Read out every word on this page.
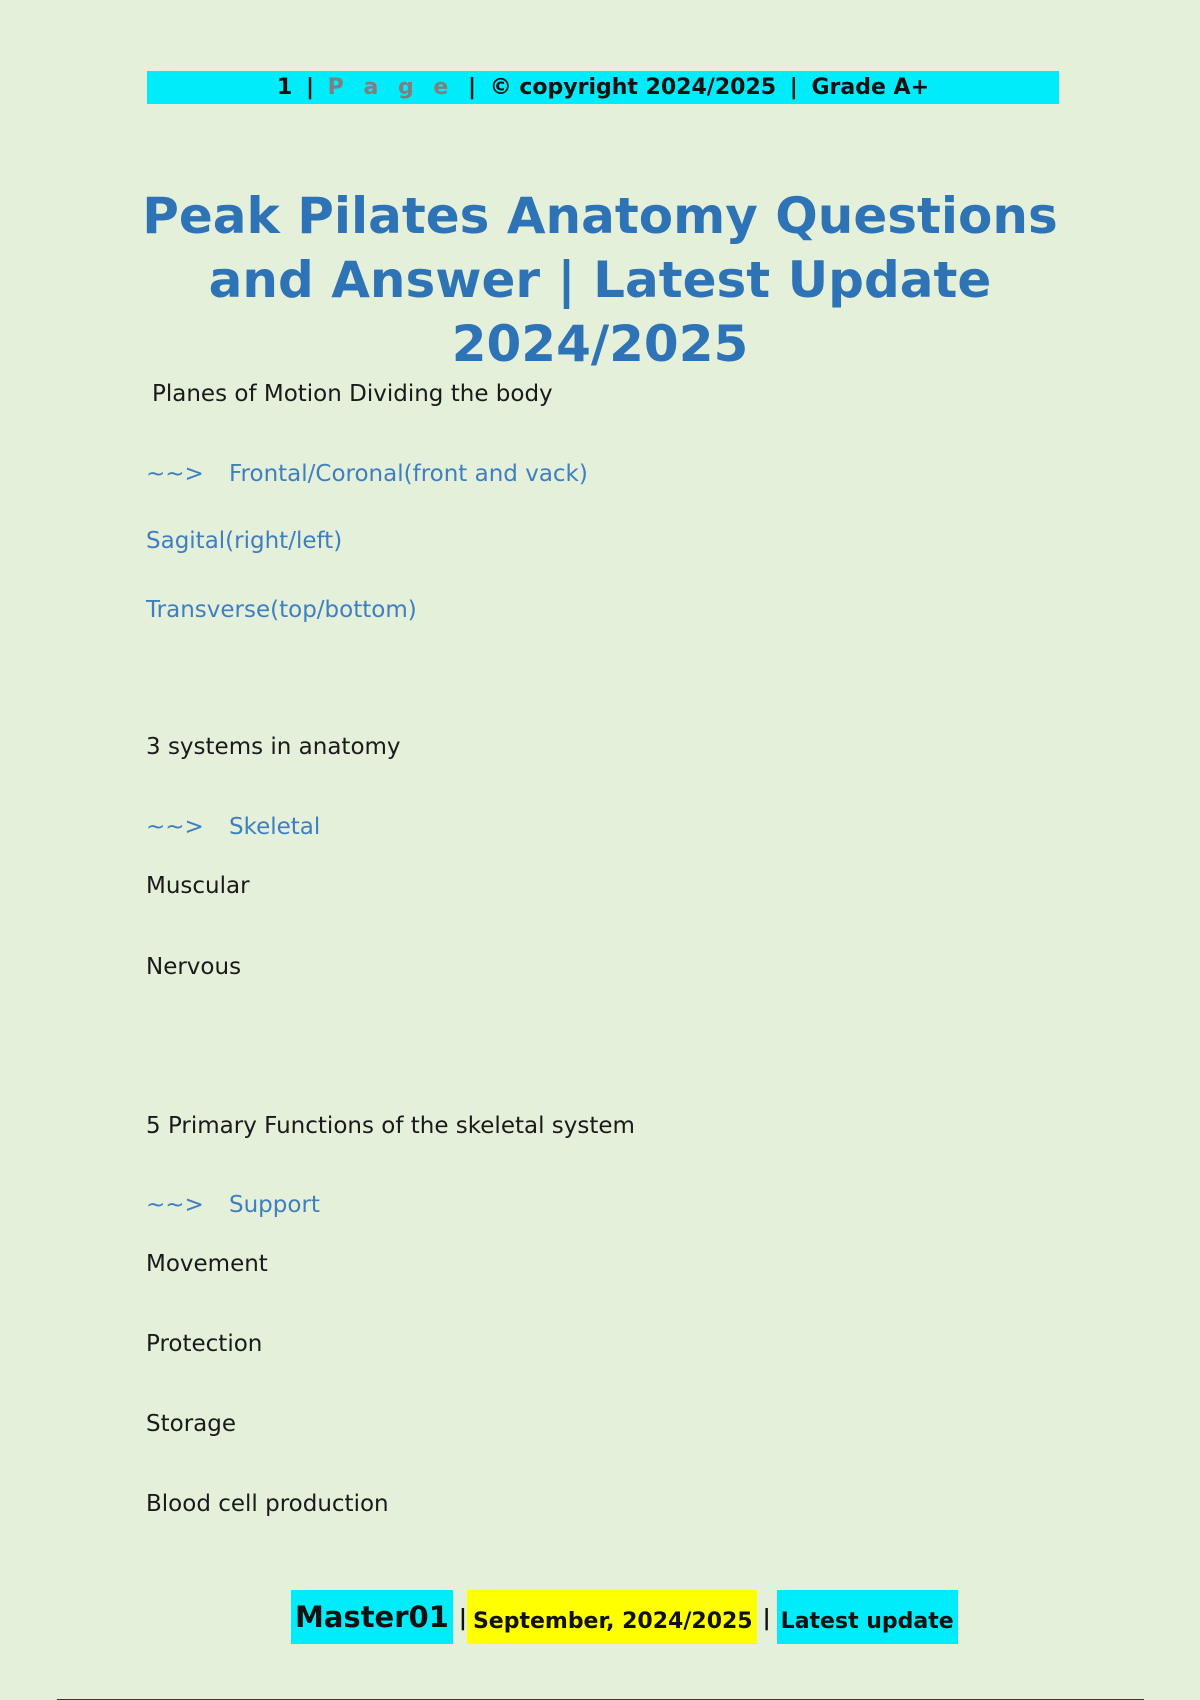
1 | P a g e | © copyright 2024/2025 | Grade A+
Peak Pilates Anatomy Questions
and Answer | Latest Update
2024/2025
Planes of Motion Dividing the body
~~> Frontal/Coronal(front and vack)
Sagital(right/left)
Transverse(top/bottom)
3 systems in anatomy
~~> Skeletal
Muscular
Nervous
5 Primary Functions of the skeletal system
~~> Support
Movement
Protection
Storage
Blood cell production
Master01 | September, 2024/2025 | Latest update
